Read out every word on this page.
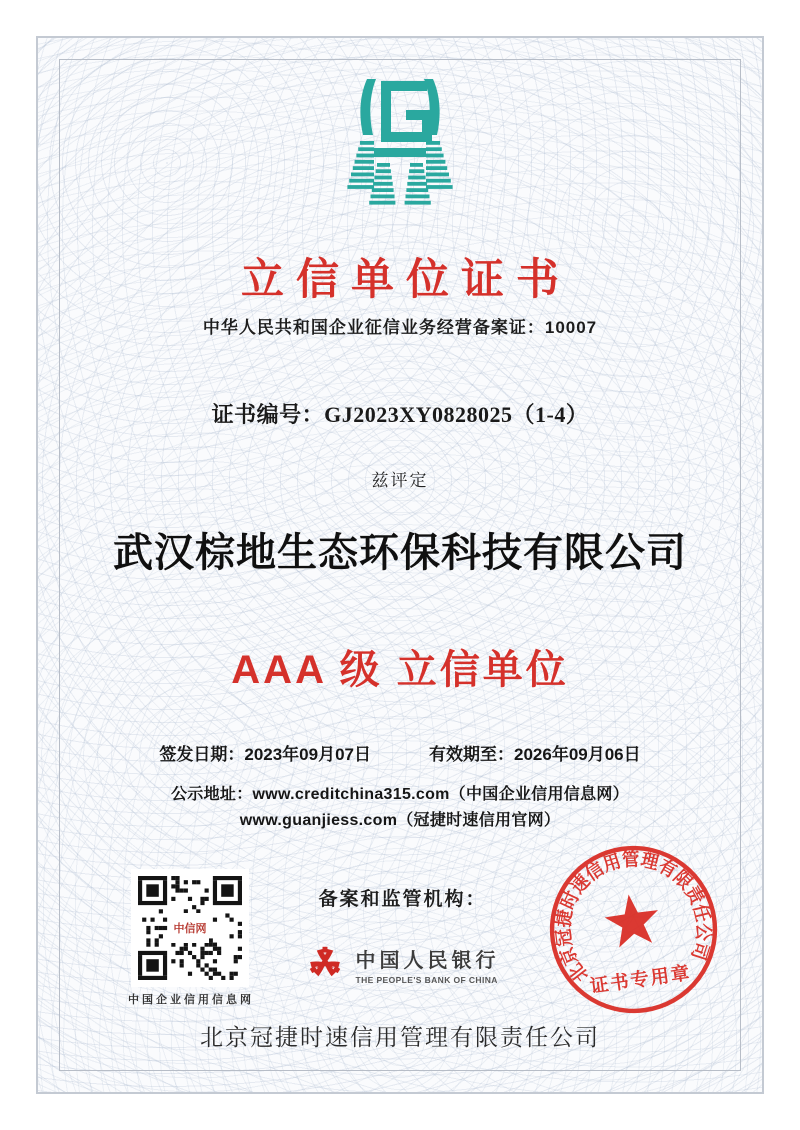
立信单位证书
中华人民共和国企业征信业务经营备案证：10007
证书编号：GJ2023XY0828025（1-4）
兹评定
武汉棕地生态环保科技有限公司
AAA 级 立信单位
签发日期：2023年09月07日	有效期至：2026年09月06日
公示地址：www.creditchina315.com（中国企业信用信息网）
www.guanjiess.com（冠捷时速信用官网）
中信网
中国企业信用信息网
备案和监管机构：
中国人民银行
THE PEOPLE'S BANK OF CHINA	北京冠捷时速信用管理有限责任公司
证书专用章
北京冠捷时速信用管理有限责任公司
